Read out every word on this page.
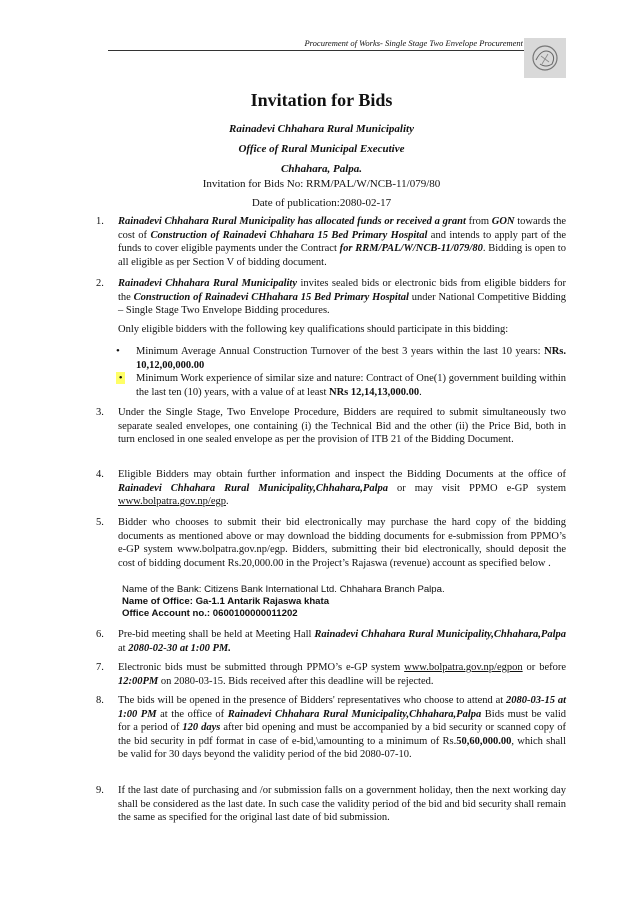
Procurement of Works- Single Stage Two Envelope Procurement
Invitation for Bids
Rainadevi Chhahara Rural Municipality
Office of Rural Municipal Executive
Chhahara, Palpa.
Invitation for Bids No: RRM/PAL/W/NCB-11/079/80
Date of publication:2080-02-17
1. Rainadevi Chhahara Rural Municipality has allocated funds or received a grant from GON towards the cost of Construction of Rainadevi Chhahara 15 Bed Primary Hospital and intends to apply part of the funds to cover eligible payments under the Contract for RRM/PAL/W/NCB-11/079/80. Bidding is open to all eligible as per Section V of bidding document.
2. Rainadevi Chhahara Rural Municipality invites sealed bids or electronic bids from eligible bidders for the Construction of Rainadevi CHhahara 15 Bed Primary Hospital under National Competitive Bidding – Single Stage Two Envelope Bidding procedures.
Only eligible bidders with the following key qualifications should participate in this bidding:
• Minimum Average Annual Construction Turnover of the best 3 years within the last 10 years: NRs. 10,12,00,000.00
• Minimum Work experience of similar size and nature: Contract of One(1) government building within the last ten (10) years, with a value of at least NRs 12,14,13,000.00.
3. Under the Single Stage, Two Envelope Procedure, Bidders are required to submit simultaneously two separate sealed envelopes, one containing (i) the Technical Bid and the other (ii) the Price Bid, both in turn enclosed in one sealed envelope as per the provision of ITB 21 of the Bidding Document.
4. Eligible Bidders may obtain further information and inspect the Bidding Documents at the office of Rainadevi Chhahara Rural Municipality,Chhahara,Palpa or may visit PPMO e-GP system www.bolpatra.gov.np/egp.
5. Bidder who chooses to submit their bid electronically may purchase the hard copy of the bidding documents as mentioned above or may download the bidding documents for e-submission from PPMO’s e-GP system www.bolpatra.gov.np/egp. Bidders, submitting their bid electronically, should deposit the cost of bidding document Rs.20,000.00 in the Project’s Rajaswa (revenue) account as specified below .
Name of the Bank: Citizens Bank International Ltd. Chhahara Branch Palpa.
Name of Office: Ga-1.1 Antarik Rajaswa khata
Office Account no.: 0600100000011202
6. Pre-bid meeting shall be held at Meeting Hall Rainadevi Chhahara Rural Municipality,Chhahara,Palpa at 2080-02-30 at 1:00 PM.
7. Electronic bids must be submitted through PPMO’s e-GP system www.bolpatra.gov.np/egpon or before 12:00PM on 2080-03-15. Bids received after this deadline will be rejected.
8. The bids will be opened in the presence of Bidders' representatives who choose to attend at 2080-03-15 at 1:00 PM at the office of Rainadevi Chhahara Rural Municipality,Chhahara,Palpa Bids must be valid for a period of 120 days after bid opening and must be accompanied by a bid security or scanned copy of the bid security in pdf format in case of e-bid,\amounting to a minimum of Rs.50,60,000.00, which shall be valid for 30 days beyond the validity period of the bid 2080-07-10.
9. If the last date of purchasing and /or submission falls on a government holiday, then the next working day shall be considered as the last date. In such case the validity period of the bid and bid security shall remain the same as specified for the original last date of bid submission.
